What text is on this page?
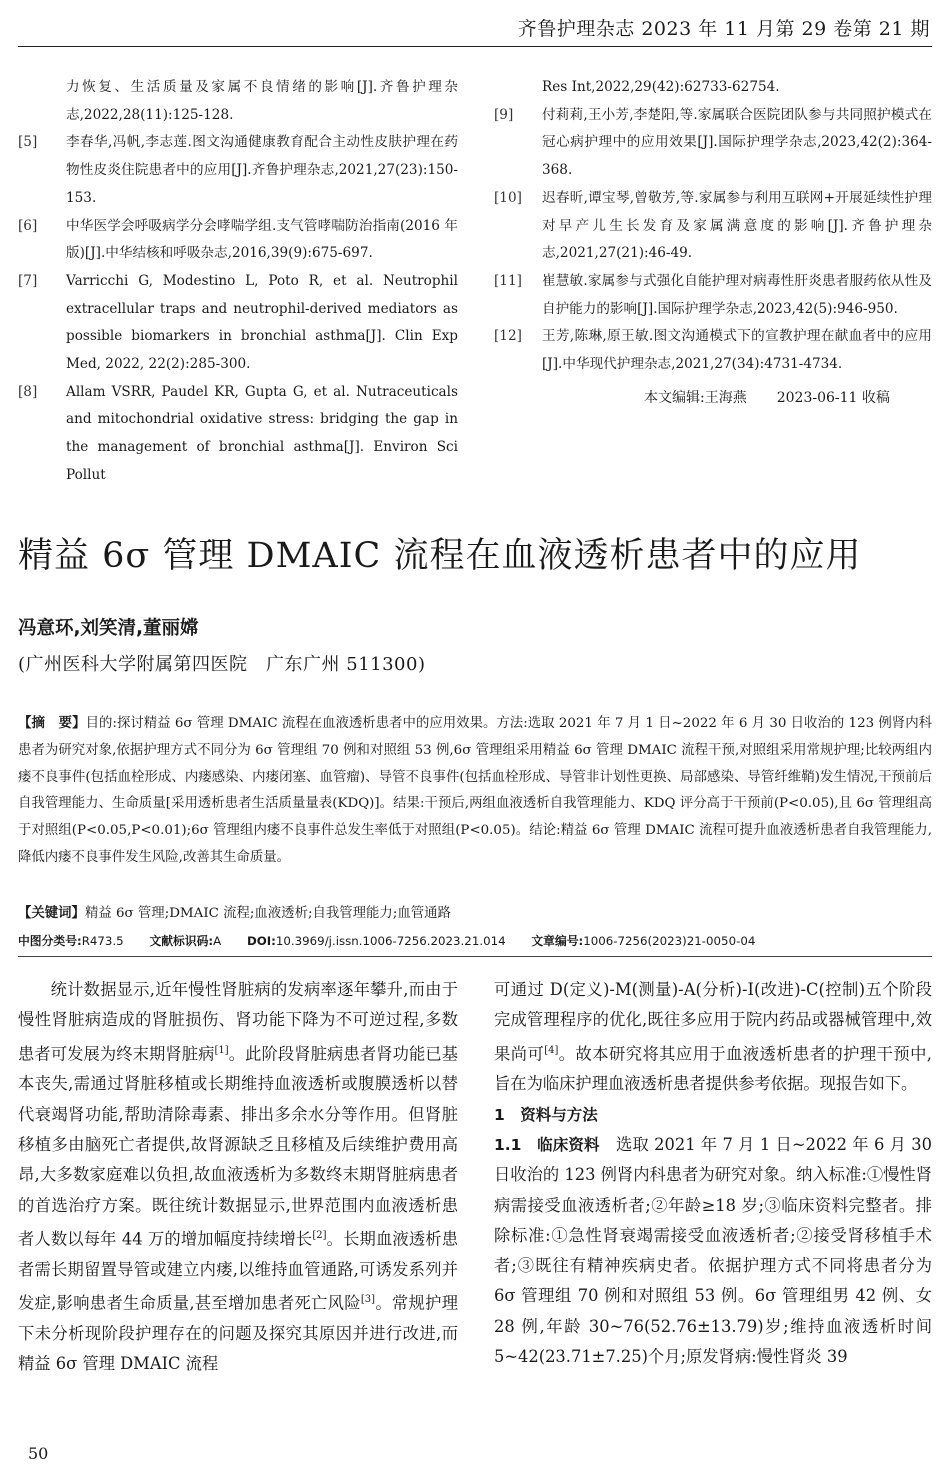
齐鲁护理杂志 2023 年 11 月第 29 卷第 21 期
力恢复、生活质量及家属不良情绪的影响[J].齐鲁护理杂志,2022,28(11):125-128.
[5] 李春华,冯帆,李志莲.图文沟通健康教育配合主动性皮肤护理在药物性皮炎住院患者中的应用[J].齐鲁护理杂志,2021,27(23):150-153.
[6] 中华医学会呼吸病学分会哮喘学组.支气管哮喘防治指南(2016 年版)[J].中华结核和呼吸杂志,2016,39(9):675-697.
[7] Varricchi G, Modestino L, Poto R, et al. Neutrophil extracellular traps and neutrophil-derived mediators as possible biomarkers in bronchial asthma[J]. Clin Exp Med, 2022, 22(2):285-300.
[8] Allam VSRR, Paudel KR, Gupta G, et al. Nutraceuticals and mitochondrial oxidative stress: bridging the gap in the management of bronchial asthma[J]. Environ Sci Pollut
Res Int,2022,29(42):62733-62754.
[9] 付莉莉,王小芳,李楚阳,等.家属联合医院团队参与共同照护模式在冠心病护理中的应用效果[J].国际护理学杂志,2023,42(2):364-368.
[10] 迟春昕,谭宝琴,曾敬芳,等.家属参与利用互联网+开展延续性护理对早产儿生长发育及家属满意度的影响[J].齐鲁护理杂志,2021,27(21):46-49.
[11] 崔慧敏.家属参与式强化自能护理对病毒性肝炎患者服药依从性及自护能力的影响[J].国际护理学杂志,2023,42(5):946-950.
[12] 王芳,陈琳,原王敏.图文沟通模式下的宣教护理在献血者中的应用[J].中华现代护理杂志,2021,27(34):4731-4734.
本文编辑:王海燕 2023-06-11 收稿
精益 6σ 管理 DMAIC 流程在血液透析患者中的应用
冯意环,刘笑清,董丽嫦
(广州医科大学附属第四医院　广东广州 511300)
【摘　要】目的:探讨精益 6σ 管理 DMAIC 流程在血液透析患者中的应用效果。方法:选取 2021 年 7 月 1 日~2022 年 6 月 30 日收治的 123 例肾内科患者为研究对象,依据护理方式不同分为 6σ 管理组 70 例和对照组 53 例,6σ 管理组采用精益 6σ 管理 DMAIC 流程干预,对照组采用常规护理;比较两组内瘘不良事件(包括血栓形成、内瘘感染、内瘘闭塞、血管瘤)、导管不良事件(包括血栓形成、导管非计划性更换、局部感染、导管纤维鞘)发生情况,干预前后自我管理能力、生命质量[采用透析患者生活质量量表(KDQ)]。结果:干预后,两组血液透析自我管理能力、KDQ 评分高于干预前(P<0.05),且 6σ 管理组高于对照组(P<0.05,P<0.01);6σ 管理组内瘘不良事件总发生率低于对照组(P<0.05)。结论:精益 6σ 管理 DMAIC 流程可提升血液透析患者自我管理能力,降低内瘘不良事件发生风险,改善其生命质量。
【关键词】精益 6σ 管理;DMAIC 流程;血液透析;自我管理能力;血管通路
中图分类号:R473.5 文献标识码:A DOI:10.3969/j.issn.1006-7256.2023.21.014 文章编号:1006-7256(2023)21-0050-04

统计数据显示,近年慢性肾脏病的发病率逐年攀升,而由于慢性肾脏病造成的肾脏损伤、肾功能下降为不可逆过程,多数患者可发展为终末期肾脏病[1]。此阶段肾脏病患者肾功能已基本丧失,需通过肾脏移植或长期维持血液透析或腹膜透析以替代衰竭肾功能,帮助清除毒素、排出多余水分等作用。但肾脏移植多由脑死亡者提供,故肾源缺乏且移植及后续维护费用高昂,大多数家庭难以负担,故血液透析为多数终末期肾脏病患者的首选治疗方案。既往统计数据显示,世界范围内血液透析患者人数以每年 44 万的增加幅度持续增长[2]。长期血液透析患者需长期留置导管或建立内瘘,以维持血管通路,可诱发系列并发症,影响患者生命质量,甚至增加患者死亡风险[3]。常规护理下未分析现阶段护理存在的问题及探究其原因并进行改进,而精益 6σ 管理 DMAIC 流程

可通过 D(定义)-M(测量)-A(分析)-I(改进)-C(控制)五个阶段完成管理程序的优化,既往多应用于院内药品或器械管理中,效果尚可[4]。故本研究将其应用于血液透析患者的护理干预中,旨在为临床护理血液透析患者提供参考依据。现报告如下。

1　资料与方法

1.1　临床资料　 选取 2021 年 7 月 1 日~2022 年 6 月 30 日收治的 123 例肾内科患者为研究对象。纳入标准:①慢性肾病需接受血液透析者;②年龄≥18 岁;③临床资料完整者。排除标准:①急性肾衰竭需接受血液透析者;②接受肾移植手术者;③既往有精神疾病史者。依据护理方式不同将患者分为 6σ 管理组 70 例和对照组 53 例。6σ 管理组男 42 例、女 28 例,年龄 30~76(52.76±13.79)岁;维持血液透析时间 5~42(23.71±7.25)个月;原发肾病:慢性肾炎 39

50
